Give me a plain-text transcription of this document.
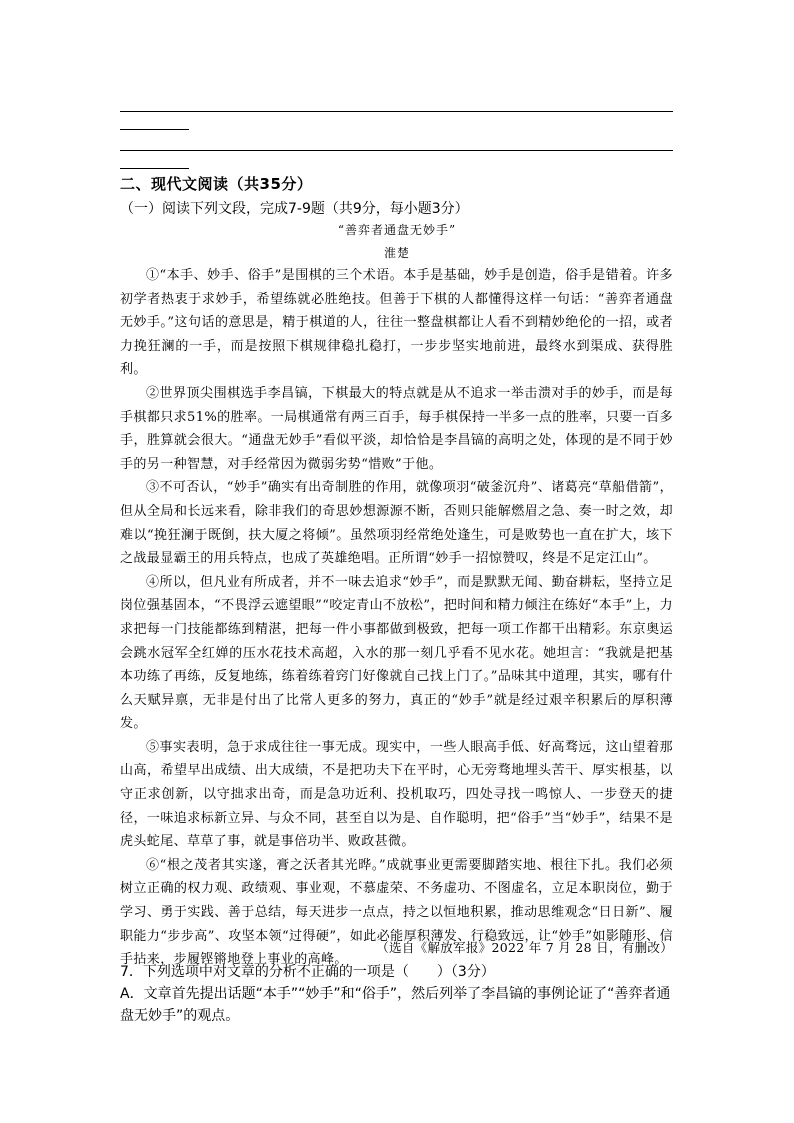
二、现代文阅读（共35分）
（一）阅读下列文段，完成7-9题（共9分，每小题3分）
“善弈者通盘无妙手”
淮楚

①“本手、妙手、俗手”是围棋的三个术语。本手是基础，妙手是创造，俗手是错着。许多初学者热衷于求妙手，希望练就必胜绝技。但善于下棋的人都懂得这样一句话：“善弈者通盘无妙手。”这句话的意思是，精于棋道的人，往往一整盘棋都让人看不到精妙绝伦的一招，或者力挽狂澜的一手，而是按照下棋规律稳扎稳打，一步步坚实地前进，最终水到渠成、获得胜利。

②世界顶尖围棋选手李昌镐，下棋最大的特点就是从不追求一举击溃对手的妙手，而是每手棋都只求51%的胜率。一局棋通常有两三百手，每手棋保持一半多一点的胜率，只要一百多手，胜算就会很大。“通盘无妙手”看似平淡，却恰恰是李昌镐的高明之处，体现的是不同于妙手的另一种智慧，对手经常因为微弱劣势“惜败”于他。

③不可否认，“妙手”确实有出奇制胜的作用，就像项羽“破釜沉舟”、诸葛亮“草船借箭”，但从全局和长远来看，除非我们的奇思妙想源源不断，否则只能解燃眉之急、奏一时之效，却难以“挽狂澜于既倒，扶大厦之将倾”。虽然项羽经常绝处逢生，可是败势也一直在扩大，垓下之战最显霸王的用兵特点，也成了英雄绝唱。正所谓“妙手一招惊赞叹，终是不足定江山”。

④所以，但凡业有所成者，并不一味去追求“妙手”，而是默默无闻、勤奋耕耘，坚持立足岗位强基固本，“不畏浮云遮望眼”“咬定青山不放松”，把时间和精力倾注在练好“本手”上，力求把每一门技能都练到精湛，把每一件小事都做到极致，把每一项工作都干出精彩。东京奥运会跳水冠军全红婵的压水花技术高超，入水的那一刻几乎看不见水花。她坦言：“我就是把基本功练了再练，反复地练，练着练着窍门好像就自己找上门了。”品味其中道理，其实，哪有什么天赋异禀，无非是付出了比常人更多的努力，真正的“妙手”就是经过艰辛积累后的厚积薄发。

⑤事实表明，急于求成往往一事无成。现实中，一些人眼高手低、好高骛远，这山望着那山高，希望早出成绩、出大成绩，不是把功夫下在平时，心无旁骛地埋头苦干、厚实根基，以守正求创新，以守拙求出奇，而是急功近利、投机取巧，四处寻找一鸣惊人、一步登天的捷径，一味追求标新立异、与众不同，甚至自以为是、自作聪明，把“俗手”当“妙手”，结果不是虎头蛇尾、草草了事，就是事倍功半、败政甚微。

⑥“根之茂者其实遂，膏之沃者其光晔。”成就事业更需要脚踏实地、根往下扎。我们必须树立正确的权力观、政绩观、事业观，不慕虚荣、不务虚功、不图虚名，立足本职岗位，勤于学习、勇于实践、善于总结，每天进步一点点，持之以恒地积累，推动思维观念“日日新”、履职能力“步步高”、攻坚本领“过得硬”，如此必能厚积薄发、行稳致远，让“妙手”如影随形、信手拈来，步履铿锵地登上事业的高峰。

（选自《解放军报》2022 年 7 月 28 日，有删改）

7．下列选项中对文章的分析不正确的一项是（　　）（3分）

A．文章首先提出话题“本手”“妙手”和“俗手”，然后列举了李昌镐的事例论证了“善弈者通盘无妙手”的观点。
